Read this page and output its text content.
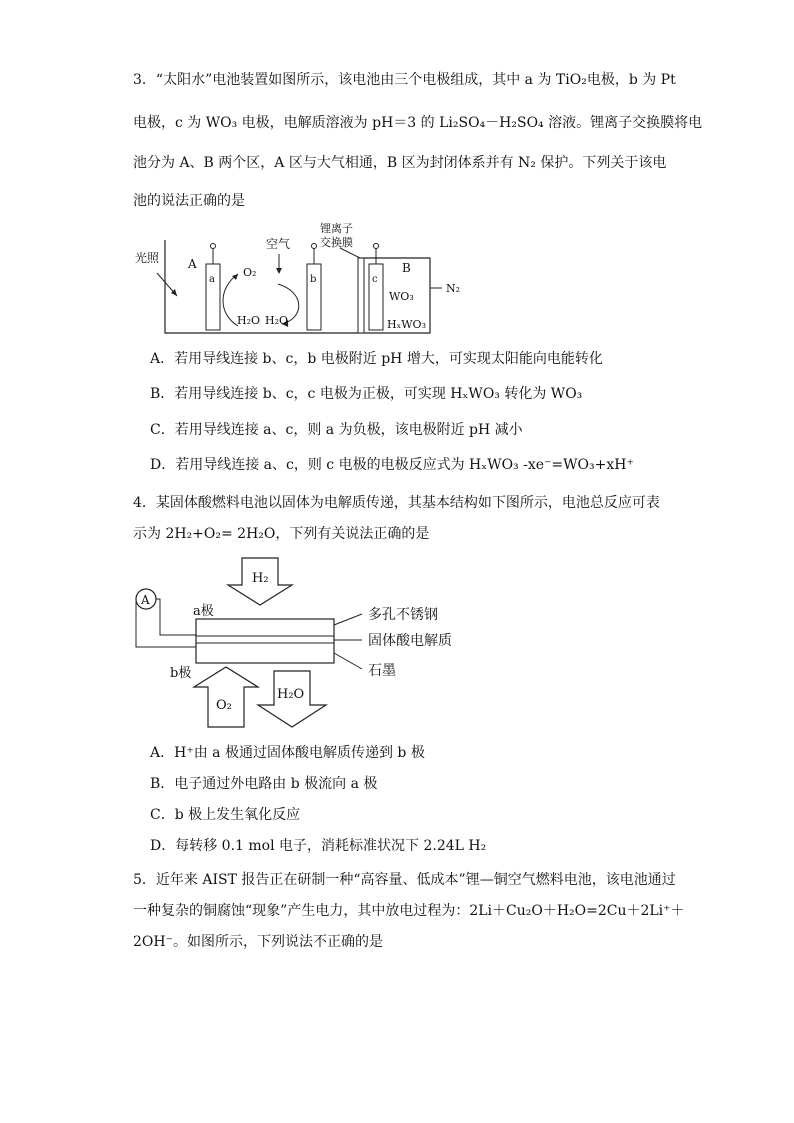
3．“太阳水”电池装置如图所示，该电池由三个电极组成，其中 a 为 TiO₂电极，b 为 Pt
电极，c 为 WO₃ 电极，电解质溶液为 pH＝3 的 Li₂SO₄－H₂SO₄ 溶液。锂离子交换膜将电
池分为 A、B 两个区，A 区与大气相通，B 区为封闭体系并有 N₂ 保护。下列关于该电
池的说法正确的是
光照 A
a
O₂
H₂O
空气
b
H₂O
锂离子
交换膜
c
B
WO₃
HₓWO₃
N₂
A．若用导线连接 b、c，b 电极附近 pH 增大，可实现太阳能向电能转化
B．若用导线连接 b、c，c 电极为正极，可实现 HₓWO₃ 转化为 WO₃
C．若用导线连接 a、c，则 a 为负极，该电极附近 pH 减小
D．若用导线连接 a、c，则 c 电极的电极反应式为 HₓWO₃ -xe⁻=WO₃+xH⁺
4．某固体酸燃料电池以固体为电解质传递，其基本结构如下图所示，电池总反应可表
示为 2H₂+O₂= 2H₂O，下列有关说法正确的是
H₂
A
a极
b极
多孔不锈钢
固体酸电解质
石墨
O₂
H₂O
A．H⁺由 a 极通过固体酸电解质传递到 b 极
B．电子通过外电路由 b 极流向 a 极
C．b 极上发生氧化反应
D．每转移 0.1 mol 电子，消耗标准状况下 2.24L H₂
5．近年来 AIST 报告正在研制一种“高容量、低成本”锂—铜空气燃料电池，该电池通过
一种复杂的铜腐蚀“现象”产生电力，其中放电过程为：2Li＋Cu₂O＋H₂O=2Cu＋2Li⁺＋
2OH⁻。如图所示，下列说法不正确的是
